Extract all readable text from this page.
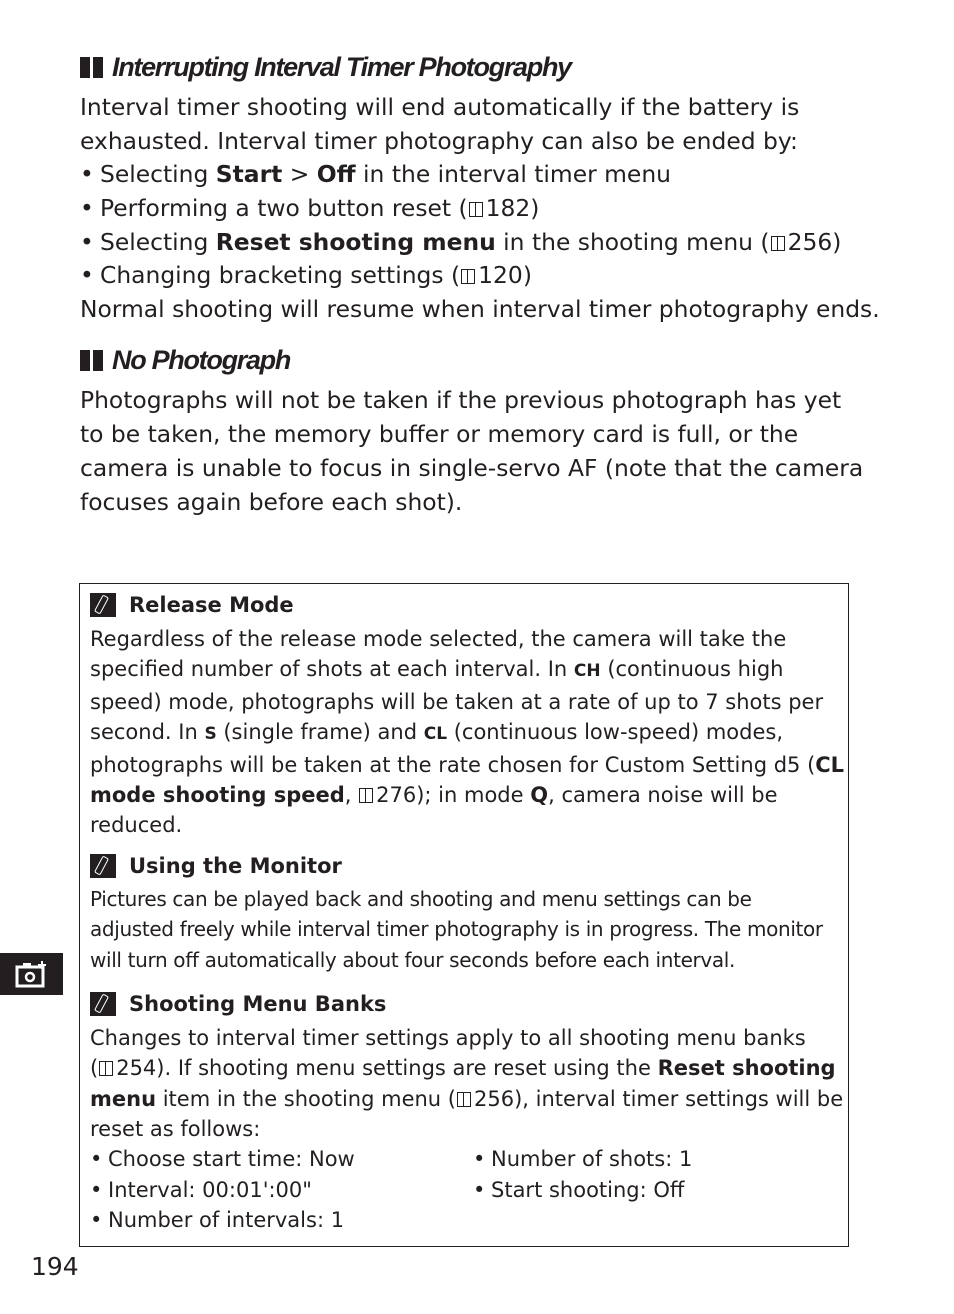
Interrupting Interval Timer Photography

Interval timer shooting will end automatically if the battery is

exhausted. Interval timer photography can also be ended by:

• Selecting Start > Off in the interval timer menu
• Performing a two button reset ( 182)
• Selecting Reset shooting menu in the shooting menu ( 256)
• Changing bracketing settings ( 120)

Normal shooting will resume when interval timer photography ends.

No Photograph

Photographs will not be taken if the previous photograph has yet

to be taken, the memory buffer or memory card is full, or the

camera is unable to focus in single-servo AF (note that the camera

focuses again before each shot).

Release Mode

Regardless of the release mode selected, the camera will take the

specified number of shots at each interval. In CH (continuous high

speed) mode, photographs will be taken at a rate of up to 7 shots per

second. In S (single frame) and CL (continuous low-speed) modes,

photographs will be taken at the rate chosen for Custom Setting d5 (CL

mode shooting speed, 276); in mode Q, camera noise will be

reduced.

Using the Monitor

Pictures can be played back and shooting and menu settings can be

adjusted freely while interval timer photography is in progress. The monitor

will turn off automatically about four seconds before each interval.

Shooting Menu Banks

Changes to interval timer settings apply to all shooting menu banks

( 254). If shooting menu settings are reset using the Reset shooting

menu item in the shooting menu ( 256), interval timer settings will be

reset as follows:

• Choose start time: Now
• Interval: 00:01':00"
• Number of intervals: 1
• Number of shots: 1
• Start shooting: Off
194
